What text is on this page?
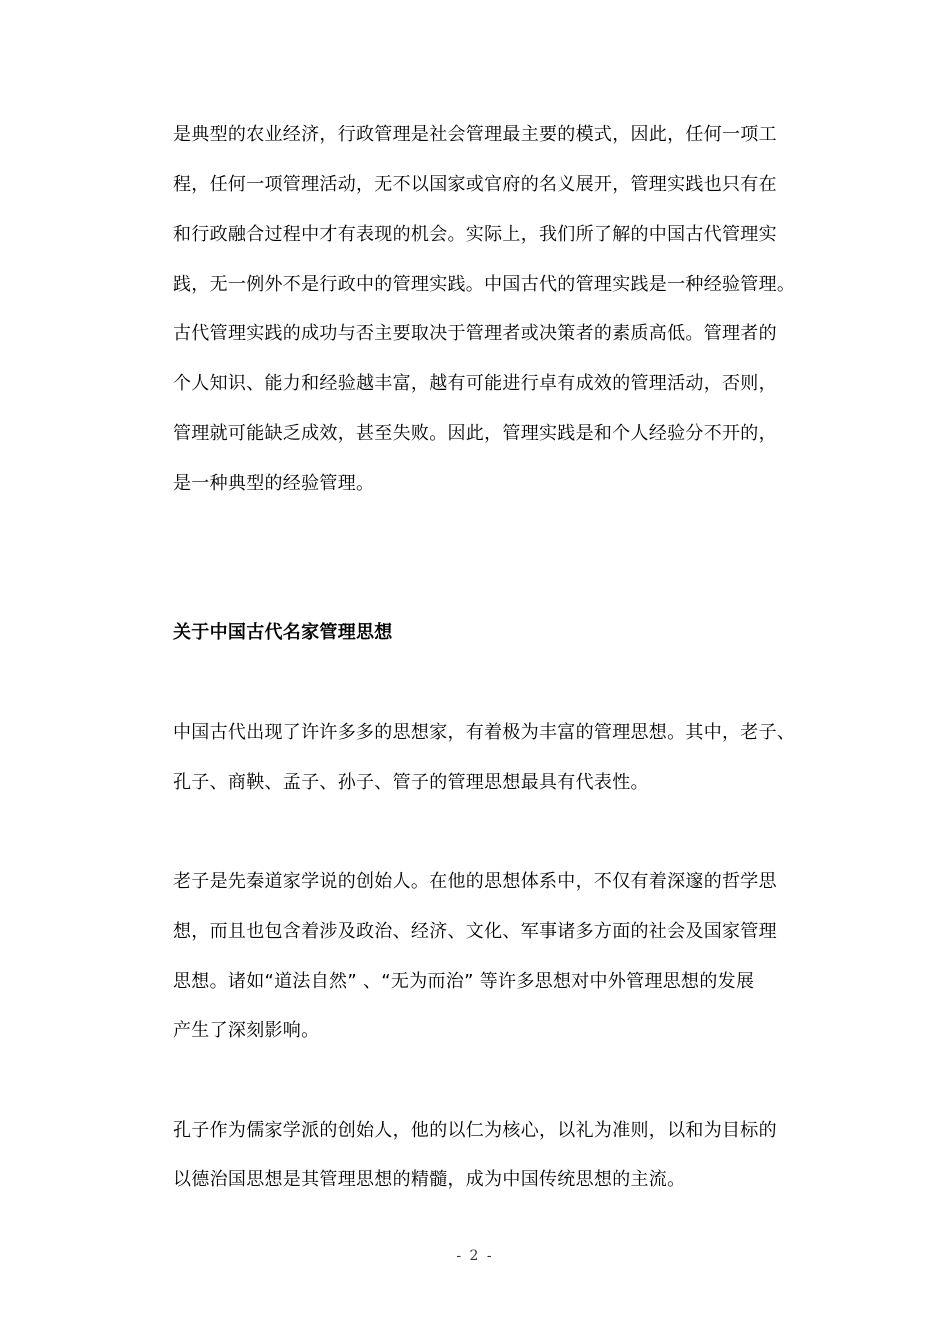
是典型的农业经济，行政管理是社会管理最主要的模式，因此，任何一项工
程，任何一项管理活动，无不以国家或官府的名义展开，管理实践也只有在
和行政融合过程中才有表现的机会。实际上，我们所了解的中国古代管理实
践，无一例外不是行政中的管理实践。中国古代的管理实践是一种经验管理。
古代管理实践的成功与否主要取决于管理者或决策者的素质高低。管理者的
个人知识、能力和经验越丰富，越有可能进行卓有成效的管理活动，否则，
管理就可能缺乏成效，甚至失败。因此，管理实践是和个人经验分不开的，
是一种典型的经验管理。
关于中国古代名家管理思想
中国古代出现了许许多多的思想家，有着极为丰富的管理思想。其中，老子、
孔子、商鞅、孟子、孙子、管子的管理思想最具有代表性。
老子是先秦道家学说的创始人。在他的思想体系中，不仅有着深邃的哲学思
想，而且也包含着涉及政治、经济、文化、军事诸多方面的社会及国家管理
思想。诸如“道法自然” 、“无为而治” 等许多思想对中外管理思想的发展
产生了深刻影响。
孔子作为儒家学派的创始人，他的以仁为核心，以礼为准则，以和为目标的
以德治国思想是其管理思想的精髓，成为中国传统思想的主流。
- 2 -
